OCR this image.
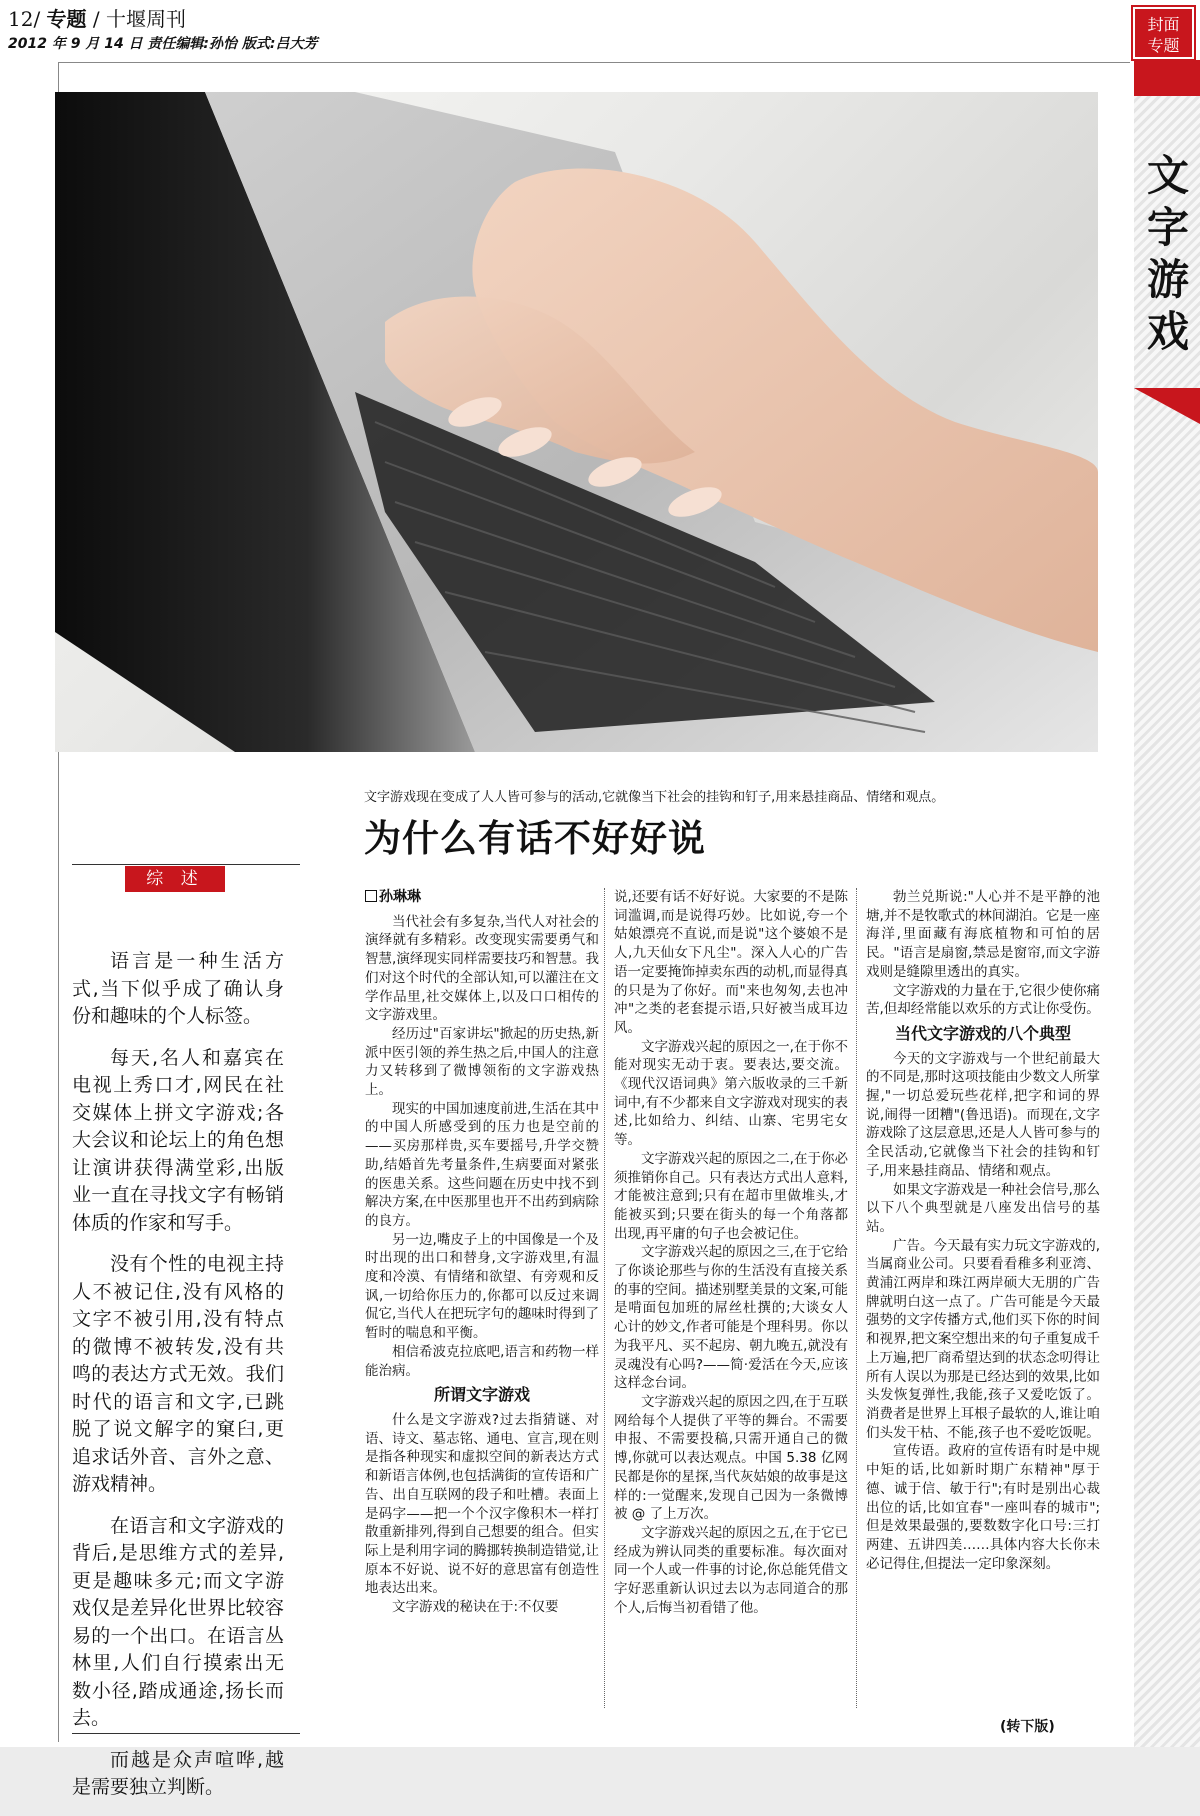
12/ 专题 / 十堰周刊
2012 年 9 月 14 日 责任编辑:孙怡 版式:吕大芳
封面专题
文字游戏
文字游戏现在变成了人人皆可参与的活动,它就像当下社会的挂钩和钉子,用来悬挂商品、情绪和观点。
为什么有话不好好说
综 述

语言是一种生活方式,当下似乎成了确认身份和趣味的个人标签。

每天,名人和嘉宾在电视上秀口才,网民在社交媒体上拼文字游戏;各大会议和论坛上的角色想让演讲获得满堂彩,出版业一直在寻找文字有畅销体质的作家和写手。

没有个性的电视主持人不被记住,没有风格的文字不被引用,没有特点的微博不被转发,没有共鸣的表达方式无效。我们时代的语言和文字,已跳脱了说文解字的窠臼,更追求话外音、言外之意、游戏精神。

在语言和文字游戏的背后,是思维方式的差异,更是趣味多元;而文字游戏仅是差异化世界比较容易的一个出口。在语言丛林里,人们自行摸索出无数小径,踏成通途,扬长而去。

而越是众声喧哗,越是需要独立判断。

孙琳琳

当代社会有多复杂,当代人对社会的演绎就有多精彩。改变现实需要勇气和智慧,演绎现实同样需要技巧和智慧。我们对这个时代的全部认知,可以灌注在文学作品里,社交媒体上,以及口口相传的文字游戏里。

经历过"百家讲坛"掀起的历史热,新派中医引领的养生热之后,中国人的注意力又转移到了微博领衔的文字游戏热上。

现实的中国加速度前进,生活在其中的中国人所感受到的压力也是空前的——买房那样贵,买车要摇号,升学交赞助,结婚首先考量条件,生病要面对紧张的医患关系。这些问题在历史中找不到解决方案,在中医那里也开不出药到病除的良方。

另一边,嘴皮子上的中国像是一个及时出现的出口和替身,文字游戏里,有温度和冷漠、有情绪和欲望、有旁观和反讽,一切给你压力的,你都可以反过来调侃它,当代人在把玩字句的趣味时得到了暂时的喘息和平衡。

相信希波克拉底吧,语言和药物一样能治病。

所谓文字游戏

什么是文字游戏?过去指猜谜、对语、诗文、墓志铭、通电、宣言,现在则是指各种现实和虚拟空间的新表达方式和新语言体例,也包括满街的宣传语和广告、出自互联网的段子和吐槽。表面上是码字——把一个个汉字像积木一样打散重新排列,得到自己想要的组合。但实际上是利用字词的腾挪转换制造错觉,让原本不好说、说不好的意思富有创造性地表达出来。

文字游戏的秘诀在于:不仅要

说,还要有话不好好说。大家要的不是陈词滥调,而是说得巧妙。比如说,夸一个姑娘漂亮不直说,而是说"这个婆娘不是人,九天仙女下凡尘"。深入人心的广告语一定要掩饰掉卖东西的动机,而显得真的只是为了你好。而"来也匆匆,去也冲冲"之类的老套提示语,只好被当成耳边风。

文字游戏兴起的原因之一,在于你不能对现实无动于衷。要表达,要交流。《现代汉语词典》第六版收录的三千新词中,有不少都来自文字游戏对现实的表述,比如给力、纠结、山寨、宅男宅女等。

文字游戏兴起的原因之二,在于你必须推销你自己。只有表达方式出人意料,才能被注意到;只有在超市里做堆头,才能被买到;只要在街头的每一个角落都出现,再平庸的句子也会被记住。

文字游戏兴起的原因之三,在于它给了你谈论那些与你的生活没有直接关系的事的空间。描述别墅美景的文案,可能是啃面包加班的屌丝杜撰的;大谈女人心计的妙文,作者可能是个理科男。你以为我平凡、买不起房、朝九晚五,就没有灵魂没有心吗?——简·爱活在今天,应该这样念台词。

文字游戏兴起的原因之四,在于互联网给每个人提供了平等的舞台。不需要申报、不需要投稿,只需开通自己的微博,你就可以表达观点。中国 5.38 亿网民都是你的星探,当代灰姑娘的故事是这样的:一觉醒来,发现自己因为一条微博被 @ 了上万次。

文字游戏兴起的原因之五,在于它已经成为辨认同类的重要标准。每次面对同一个人或一件事的讨论,你总能凭借文字好恶重新认识过去以为志同道合的那个人,后悔当初看错了他。

勃兰兑斯说:"人心并不是平静的池塘,并不是牧歌式的林间湖泊。它是一座海洋,里面藏有海底植物和可怕的居民。"语言是扇窗,禁忌是窗帘,而文字游戏则是缝隙里透出的真实。

文字游戏的力量在于,它很少使你痛苦,但却经常能以欢乐的方式让你受伤。

当代文字游戏的八个典型

今天的文字游戏与一个世纪前最大的不同是,那时这项技能由少数文人所掌握,"一切总爱玩些花样,把字和词的界说,闹得一团糟"(鲁迅语)。而现在,文字游戏除了这层意思,还是人人皆可参与的全民活动,它就像当下社会的挂钩和钉子,用来悬挂商品、情绪和观点。

如果文字游戏是一种社会信号,那么以下八个典型就是八座发出信号的基站。

广告。今天最有实力玩文字游戏的,当属商业公司。只要看看稚多利亚湾、黄浦江两岸和珠江两岸硕大无朋的广告牌就明白这一点了。广告可能是今天最强势的文字传播方式,他们买下你的时间和视界,把文案空想出来的句子重复成千上万遍,把厂商希望达到的状态念叨得让所有人误以为那是已经达到的效果,比如头发恢复弹性,我能,孩子又爱吃饭了。消费者是世界上耳根子最软的人,谁让咱们头发干枯、不能,孩子也不爱吃饭呢。

宣传语。政府的宣传语有时是中规中矩的话,比如新时期广东精神"厚于德、诚于信、敏于行";有时是别出心裁出位的话,比如宜春"一座叫春的城市";但是效果最强的,要数数字化口号:三打两建、五讲四美……具体内容大长你未必记得住,但提法一定印象深刻。

(转下版)
